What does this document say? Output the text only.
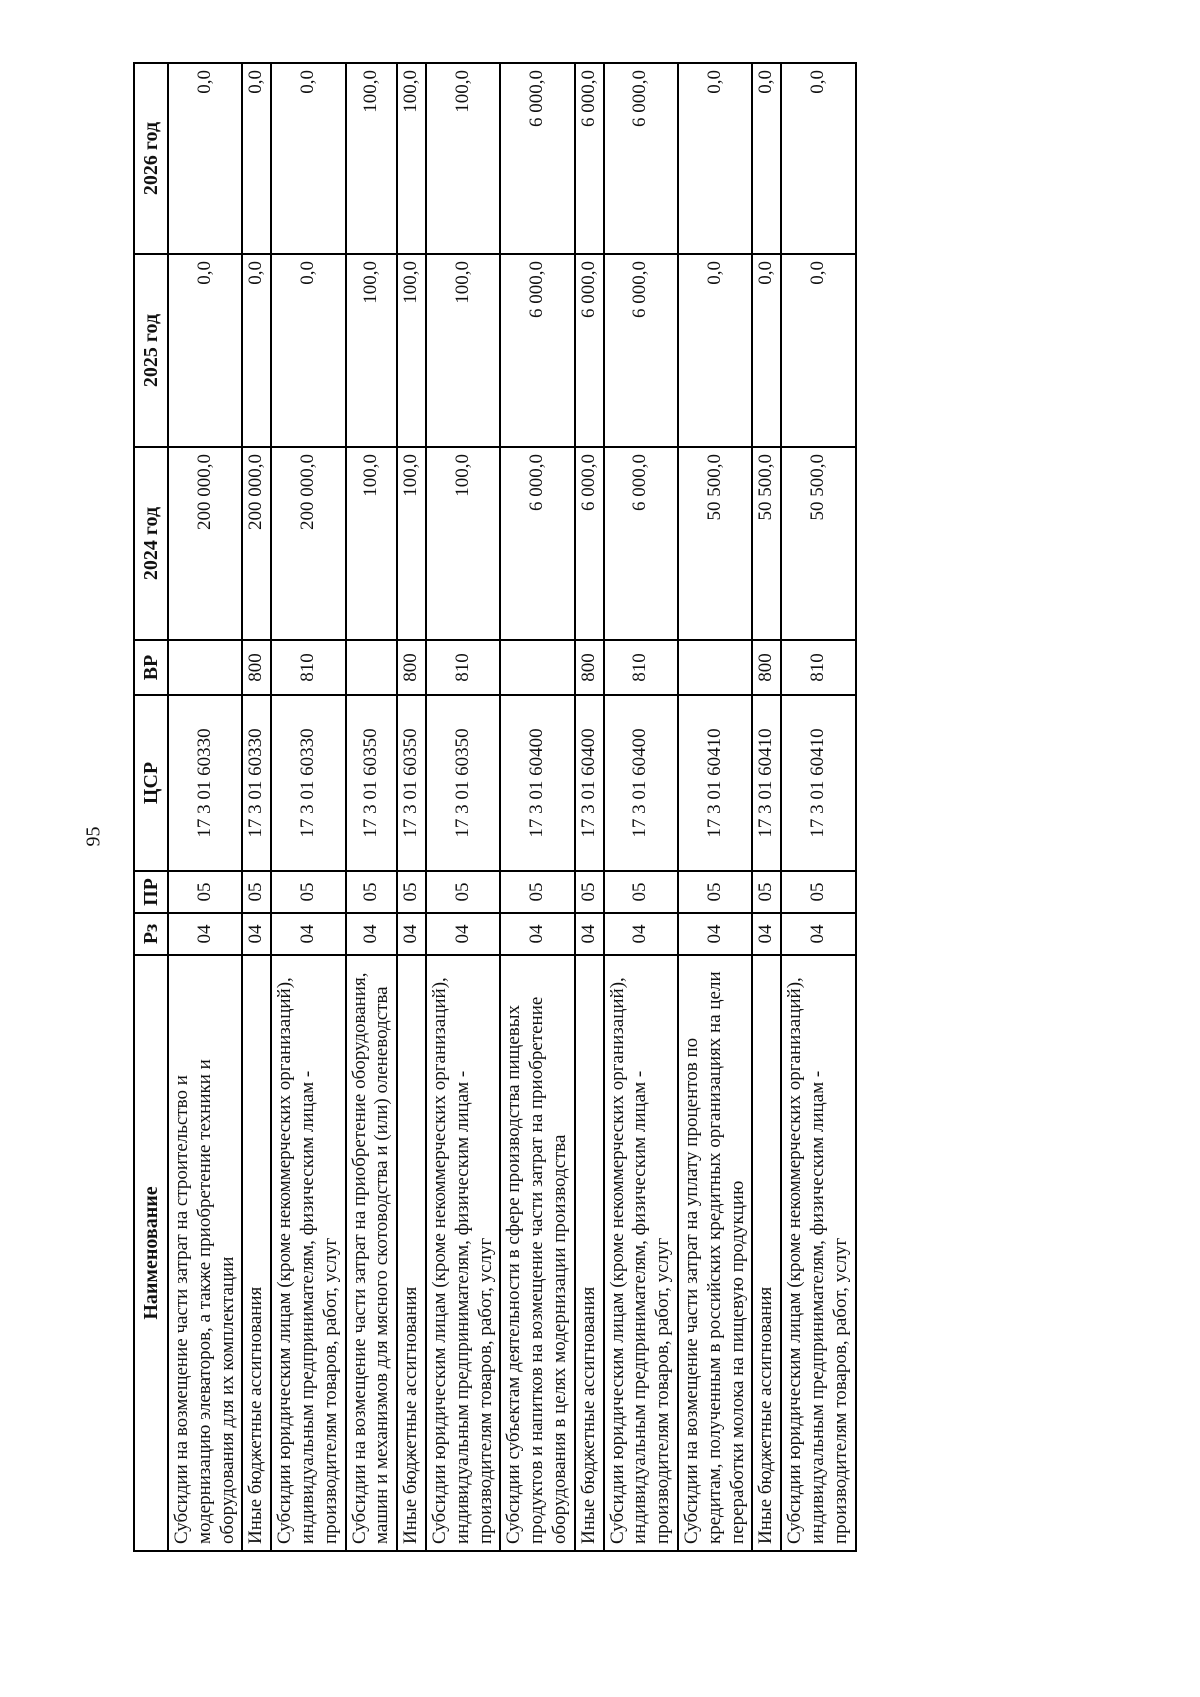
95
Наименование	Рз	ПР	ЦСР	ВР	2024 год	2025 год	2026 год
Субсидии на возмещение части затрат на строительство и модернизацию элеваторов, а также приобретение техники и оборудования для их комплектации	04	05	17 3 01 60330		200 000,0	0,0	0,0
Иные бюджетные ассигнования	04	05	17 3 01 60330	800	200 000,0	0,0	0,0
Субсидии юридическим лицам (кроме некоммерческих организаций), индивидуальным предпринимателям, физическим лицам - производителям товаров, работ, услуг	04	05	17 3 01 60330	810	200 000,0	0,0	0,0
Субсидии на возмещение части затрат на приобретение оборудования, машин и механизмов для мясного скотоводства и (или) оленеводства	04	05	17 3 01 60350		100,0	100,0	100,0
Иные бюджетные ассигнования	04	05	17 3 01 60350	800	100,0	100,0	100,0
Субсидии юридическим лицам (кроме некоммерческих организаций), индивидуальным предпринимателям, физическим лицам - производителям товаров, работ, услуг	04	05	17 3 01 60350	810	100,0	100,0	100,0
Субсидии субъектам деятельности в сфере производства пищевых продуктов и напитков на возмещение части затрат на приобретение оборудования в целях модернизации производства	04	05	17 3 01 60400		6 000,0	6 000,0	6 000,0
Иные бюджетные ассигнования	04	05	17 3 01 60400	800	6 000,0	6 000,0	6 000,0
Субсидии юридическим лицам (кроме некоммерческих организаций), индивидуальным предпринимателям, физическим лицам - производителям товаров, работ, услуг	04	05	17 3 01 60400	810	6 000,0	6 000,0	6 000,0
Субсидии на возмещение части затрат на уплату процентов по кредитам, полученным в российских кредитных организациях на цели переработки молока на пищевую продукцию	04	05	17 3 01 60410		50 500,0	0,0	0,0
Иные бюджетные ассигнования	04	05	17 3 01 60410	800	50 500,0	0,0	0,0
Субсидии юридическим лицам (кроме некоммерческих организаций), индивидуальным предпринимателям, физическим лицам - производителям товаров, работ, услуг	04	05	17 3 01 60410	810	50 500,0	0,0	0,0
